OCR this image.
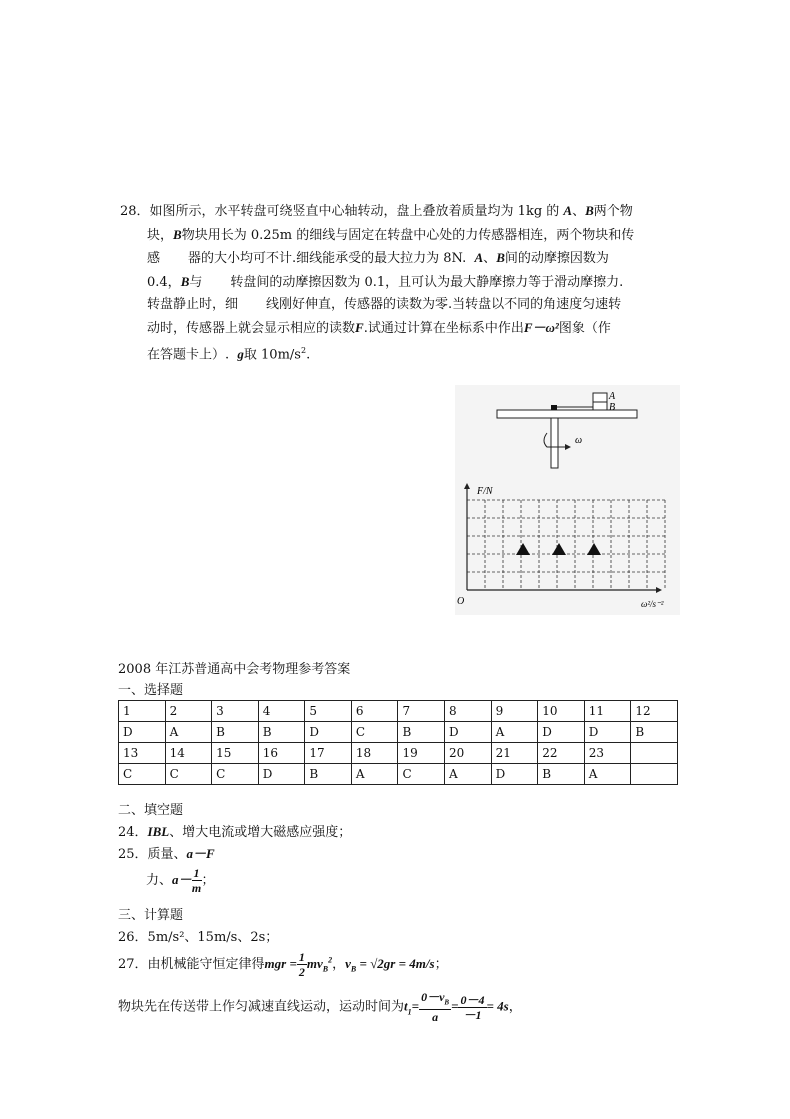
28．如图所示，水平转盘可绕竖直中心轴转动，盘上叠放着质量均为 1kg 的 A、B两个物
块，B物块用长为 0.25m 的细线与固定在转盘中心处的力传感器相连，两个物块和传
感 器的大小均可不计.细线能承受的最大拉力为 8N. A、B间的动摩擦因数为
0.4，B与 转盘间的动摩擦因数为 0.1，且可认为最大静摩擦力等于滑动摩擦力.
转盘静止时，细 线刚好伸直，传感器的读数为零.当转盘以不同的角速度匀速转
动时，传感器上就会显示相应的读数F.试通过计算在坐标系中作出F－ω²图象（作
在答题卡上）. g取 $10m/s^2$.
A
B
ω
F/N
O	ω²/s⁻²
2008 年江苏普通高中会考物理参考答案
一、选择题
1	2	3	4	5	6	7	8	9	10	11	12
D	A	B	B	D	C	B	D	A	D	D	B
13	14	15	16	17	18	19	20	21	22	23	
C	C	C	D	B	A	C	A	D	B	A	
二、填空题
24．IBL、增大电流或增大磁感应强度；
25．质量、a－F
力、$a- \frac{1}{m}$ ；
三、计算题
26．5m/s²、15m/s、2s；
27．由机械能守恒定律得mgr = $\frac{1}{2} mv_B^2$，$v_B = √2gr = 4m/s$；
物块先在传送带上作匀减速直线运动，运动时间为$t_1= \frac{0-v_B}{a} = \frac{0-4}{-1} = 4s$，
